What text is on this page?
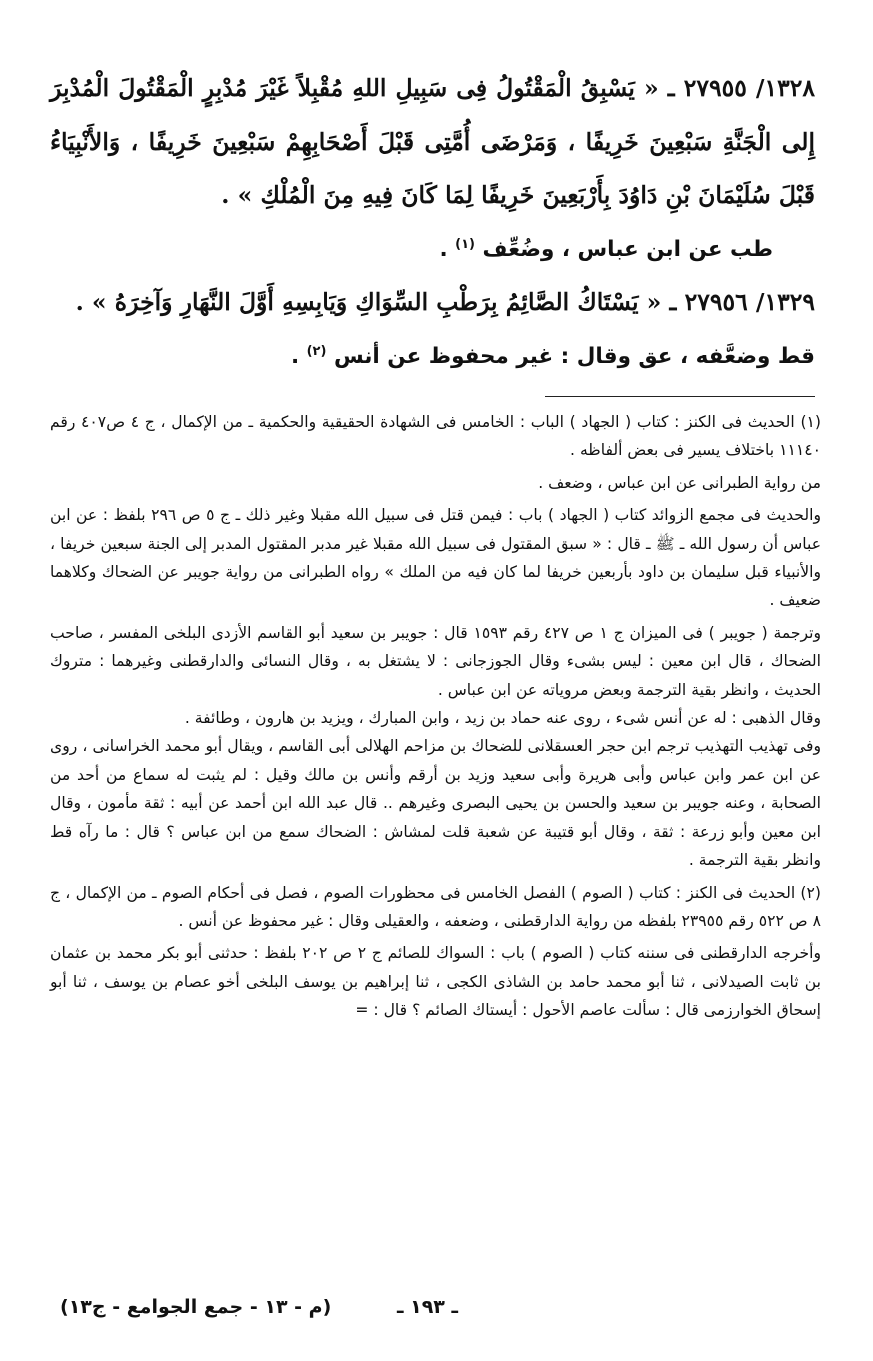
١٣٢٨/ ٢٧٩٥٥ ـ « يَسْبِقُ الْمَقْتُولُ فِى سَبِيلِ اللهِ مُقْبِلاً غَيْرَ مُدْبِرٍ الْمَقْتُولَ الْمُدْبِرَ إِلى الْجَنَّةِ سَبْعِينَ خَرِيفًا ، وَمَرْضَى أُمَّتِى قَبْلَ أَصْحَابِهِمْ سَبْعِينَ خَرِيفًا ، وَالأَنْبِيَاءُ قَبْلَ سُلَيْمَانَ بْنِ دَاوُدَ بِأَرْبَعِينَ خَرِيفًا لِمَا كَانَ فِيهِ مِنَ الْمُلْكِ » .

طب عن ابن عباس ، وضُعِّف $^{(١)}$ .

١٣٢٩/ ٢٧٩٥٦ ـ « يَسْتَاكُ الصَّائِمُ بِرَطْبِ السِّوَاكِ وَيَابِسِهِ أَوَّلَ النَّهَارِ وَآخِرَهُ » .

قط وضعَّفه ، عق وقال : غير محفوظ عن أنس $^{(٢)}$ .

(١) الحديث فى الكنز : كتاب ( الجهاد ) الباب : الخامس فى الشهادة الحقيقية والحكمية ـ من الإكمال ، ج ٤ ص٤٠٧ رقم ١١١٤٠ باختلاف يسير فى بعض ألفاظه .

من رواية الطبرانى عن ابن عباس ، وضعف .

والحديث فى مجمع الزوائد كتاب ( الجهاد ) باب : فيمن قتل فى سبيل الله مقبلا وغير ذلك ـ ج ٥ ص ٢٩٦ بلفظ : عن ابن عباس أن رسول الله ـ ﷺ ـ قال : « سبق المقتول فى سبيل الله مقبلا غير مدبر المقتول المدبر إلى الجنة سبعين خريفا ، والأنبياء قبل سليمان بن داود بأربعين خريفا لما كان فيه من الملك » رواه الطبرانى من رواية جويبر عن الضحاك وكلاهما ضعيف .

وترجمة ( جويبر ) فى الميزان ج ١ ص ٤٢٧ رقم ١٥٩٣ قال : جويبر بن سعيد أبو القاسم الأزدى البلخى المفسر ، صاحب الضحاك ، قال ابن معين : ليس بشىء وقال الجوزجانى : لا يشتغل به ، وقال النسائى والدارقطنى وغيرهما : متروك الحديث ، وانظر بقية الترجمة وبعض مروياته عن ابن عباس .

وقال الذهبى : له عن أنس شىء ، روى عنه حماد بن زيد ، وابن المبارك ، ويزيد بن هارون ، وطائفة .

وفى تهذيب التهذيب ترجم ابن حجر العسقلانى للضحاك بن مزاحم الهلالى أبى القاسم ، ويقال أبو محمد الخراسانى ، روى عن ابن عمر وابن عباس وأبى هريرة وأبى سعيد وزيد بن أرقم وأنس بن مالك وقيل : لم يثبت له سماع من أحد من الصحابة ، وعنه جويبر بن سعيد والحسن بن يحيى البصرى وغيرهم .. قال عبد الله ابن أحمد عن أبيه : ثقة مأمون ، وقال ابن معين وأبو زرعة : ثقة ، وقال أبو قتيبة عن شعبة قلت لمشاش : الضحاك سمع من ابن عباس ؟ قال : ما رآه قط وانظر بقية الترجمة .

(٢) الحديث فى الكنز : كتاب ( الصوم ) الفصل الخامس فى محظورات الصوم ، فصل فى أحكام الصوم ـ من الإكمال ، ج ٨ ص ٥٢٢ رقم ٢٣٩٥٥ بلفظه من رواية الدارقطنى ، وضعفه ، والعقيلى وقال : غير محفوظ عن أنس .

وأخرجه الدارقطنى فى سننه كتاب ( الصوم ) باب : السواك للصائم ج ٢ ص ٢٠٢ بلفظ : حدثنى أبو بكر محمد بن عثمان بن ثابت الصيدلانى ، ثنا أبو محمد حامد بن الشاذى الكجى ، ثنا إبراهيم بن يوسف البلخى أخو عصام بن يوسف ، ثنا أبو إسحاق الخوارزمى قال : سألت عاصم الأحول : أيستاك الصائم ؟ قال : =

ـ ١٩٣ ـ
(م - ١٣ - جمع الجوامع - ج١٣)
